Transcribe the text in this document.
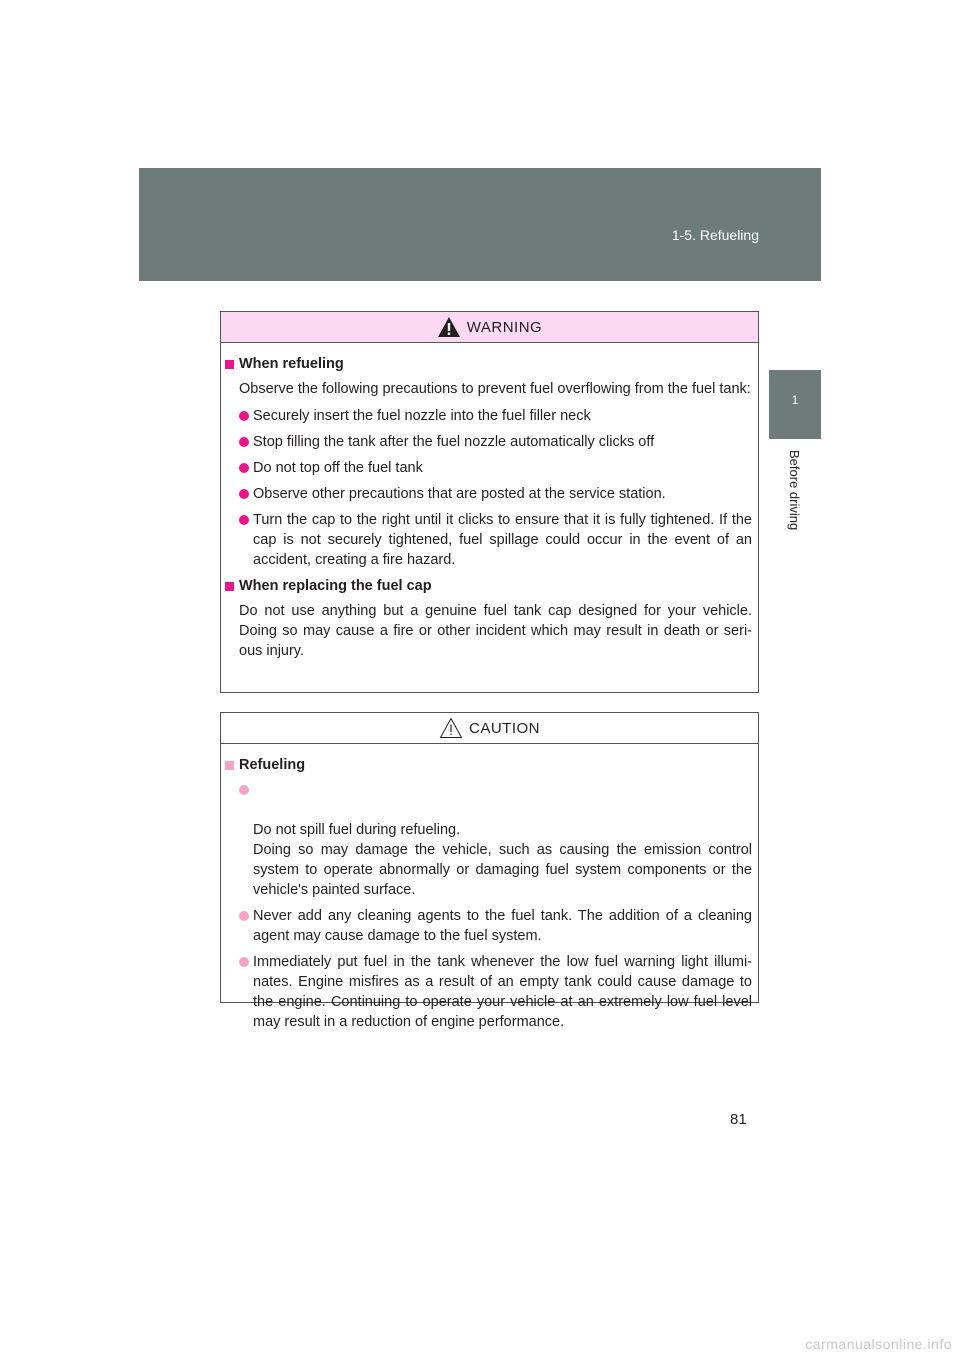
1-5. Refueling
1
Before driving
WARNING
When refueling
Observe the following precautions to prevent fuel overflowing from the fuel tank:
Securely insert the fuel nozzle into the fuel filler neck
Stop filling the tank after the fuel nozzle automatically clicks off
Do not top off the fuel tank
Observe other precautions that are posted at the service station.
Turn the cap to the right until it clicks to ensure that it is fully tightened. If the cap is not securely tightened, fuel spillage could occur in the event of an accident, creating a fire hazard.
When replacing the fuel cap
Do not use anything but a genuine fuel tank cap designed for your vehicle. Doing so may cause a fire or other incident which may result in death or seri- ous injury.
CAUTION
Refueling

Do not spill fuel during refueling.
Doing so may damage the vehicle, such as causing the emission control system to operate abnormally or damaging fuel system components or the vehicle's painted surface.

Never add any cleaning agents to the fuel tank. The addition of a cleaning agent may cause damage to the fuel system.
Immediately put fuel in the tank whenever the low fuel warning light illumi- nates. Engine misfires as a result of an empty tank could cause damage to the engine. Continuing to operate your vehicle at an extremely low fuel level may result in a reduction of engine performance.
81
carmanualsonline.info
